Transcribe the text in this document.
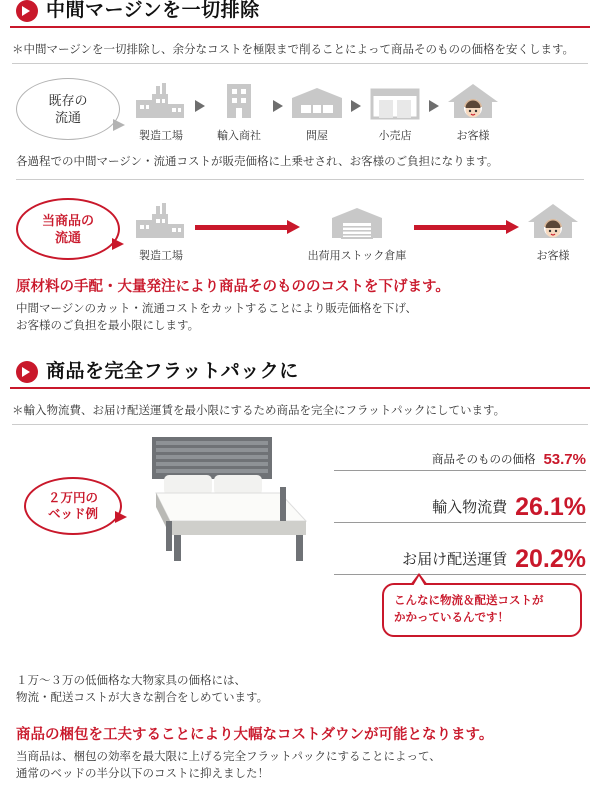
中間マージンを一切排除
＊中間マージンを一切排除し、余分なコストを極限まで削ることによって商品そのものの価格を安くします。
既存の
流通
製造工場	輸入商社	問屋	小売店	お客様
各過程での中間マージン・流通コストが販売価格に上乗せされ、お客様のご負担になります。
当商品の
流通
製造工場	出荷用ストック倉庫	お客様
原材料の手配・大量発注により商品そのもののコストを下げます。
中間マージンのカット・流通コストをカットすることにより販売価格を下げ、
お客様のご負担を最小限にします。
商品を完全フラットパックに
＊輸入物流費、お届け配送運賃を最小限にするため商品を完全にフラットパックにしています。
２万円の
ベッド例
商品そのものの価格 53.7%
輸入物流費 26.1%
お届け配送運賃 20.2%
こんなに物流＆配送コストが
かかっているんです！
１万〜３万の低価格な大物家具の価格には、
物流・配送コストが大きな割合をしめています。
商品の梱包を工夫することにより大幅なコストダウンが可能となります。
当商品は、梱包の効率を最大限に上げる完全フラットパックにすることによって、
通常のベッドの半分以下のコストに抑えました！
